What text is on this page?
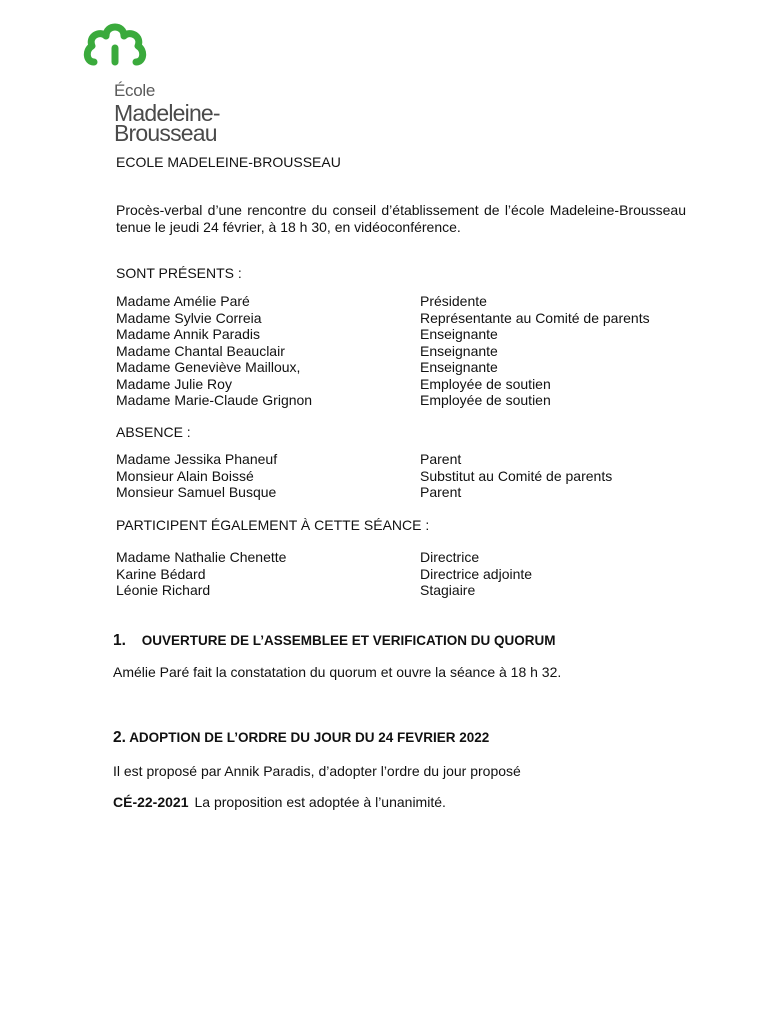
École
Madeleine-
Brousseau
ECOLE MADELEINE-BROUSSEAU
Procès-verbal d’une rencontre du conseil d’établissement de l’école Madeleine-Brousseau tenue le jeudi 24 février, à 18 h 30, en vidéoconférence.
SONT PRÉSENTS :
Madame Amélie Paré
Madame Sylvie Correia
Madame Annik Paradis
Madame Chantal Beauclair
Madame Geneviève Mailloux,
Madame Julie Roy
Madame Marie-Claude Grignon
Présidente
Représentante au Comité de parents
Enseignante
Enseignante
Enseignante
Employée de soutien
Employée de soutien
ABSENCE :
Madame Jessika Phaneuf
Monsieur Alain Boissé
Monsieur Samuel Busque
Parent
Substitut au Comité de parents
Parent
PARTICIPENT ÉGALEMENT À CETTE SÉANCE :
Madame Nathalie Chenette
Karine Bédard
Léonie Richard
Directrice
Directrice adjointe
Stagiaire
1. OUVERTURE DE L’ASSEMBLEE ET VERIFICATION DU QUORUM
Amélie Paré fait la constatation du quorum et ouvre la séance à 18 h 32.
2. ADOPTION DE L’ORDRE DU JOUR DU 24 FEVRIER 2022
Il est proposé par Annik Paradis, d’adopter l’ordre du jour proposé
CÉ-22-2021 La proposition est adoptée à l’unanimité.
